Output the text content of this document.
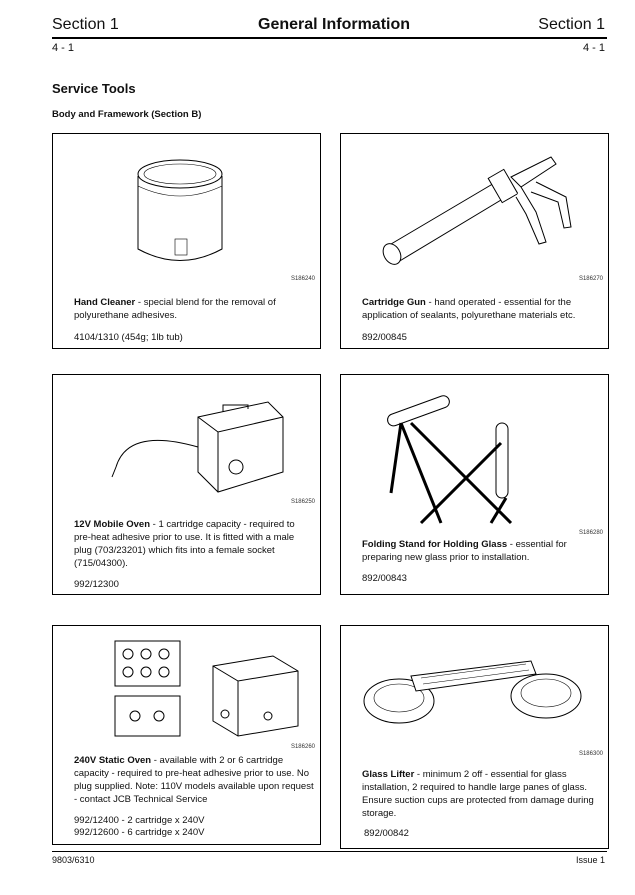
Section 1	General Information	Section 1
4 - 1	4 - 1
Service Tools
Body and Framework (Section B)
S186240
Hand Cleaner - special blend for the removal of polyurethane adhesives.
4104/1310 (454g; 1lb tub)
S186270
Cartridge Gun - hand operated - essential for the application of sealants, polyurethane materials etc.
892/00845
S186250
12V Mobile Oven - 1 cartridge capacity - required to pre-heat adhesive prior to use. It is fitted with a male plug (703/23201) which fits into a female socket (715/04300).
992/12300
S186280
Folding Stand for Holding Glass - essential for preparing new glass prior to installation.
892/00843
S186260
240V Static Oven - available with 2 or 6 cartridge capacity - required to pre-heat adhesive prior to use. No plug supplied. Note: 110V models available upon request - contact JCB Technical Service
992/12400 - 2 cartridge x 240V
992/12600 - 6 cartridge x 240V
S186300
Glass Lifter - minimum 2 off - essential for glass installation, 2 required to handle large panes of glass. Ensure suction cups are protected from damage during storage.
892/00842
9803/6310	Issue 1
